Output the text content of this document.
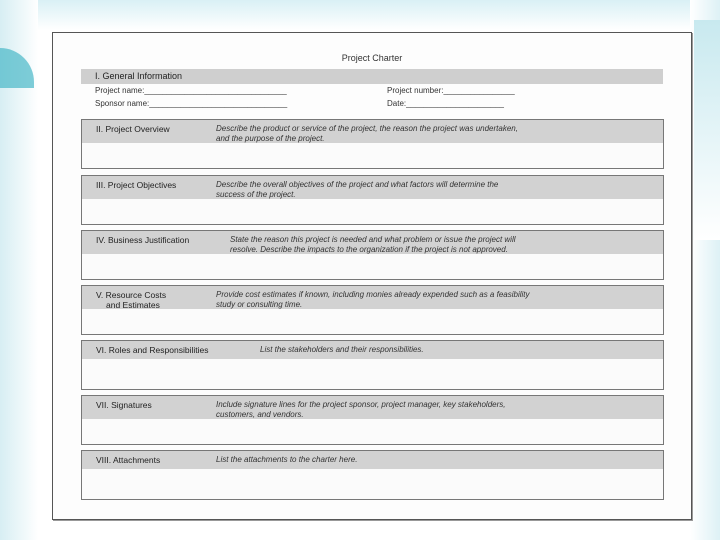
Project Charter
I. General Information
Project name:________________________________	Project number:________________
Sponsor name:_______________________________	Date:______________________
II. Project Overview	Describe the product or service of the project, the reason the project was undertaken,
and the purpose of the project.
III. Project Objectives	Describe the overall objectives of the project and what factors will determine the
success of the project.
IV. Business Justification	State the reason this project is needed and what problem or issue the project will
resolve. Describe the impacts to the organization if the project is not approved.
V. Resource Costs
and Estimates
Provide cost estimates if known, including monies already expended such as a feasibility
study or consulting time.
VI. Roles and Responsibilities	List the stakeholders and their responsibilities.
VII. Signatures	Include signature lines for the project sponsor, project manager, key stakeholders,
customers, and vendors.
VIII. Attachments	List the attachments to the charter here.
